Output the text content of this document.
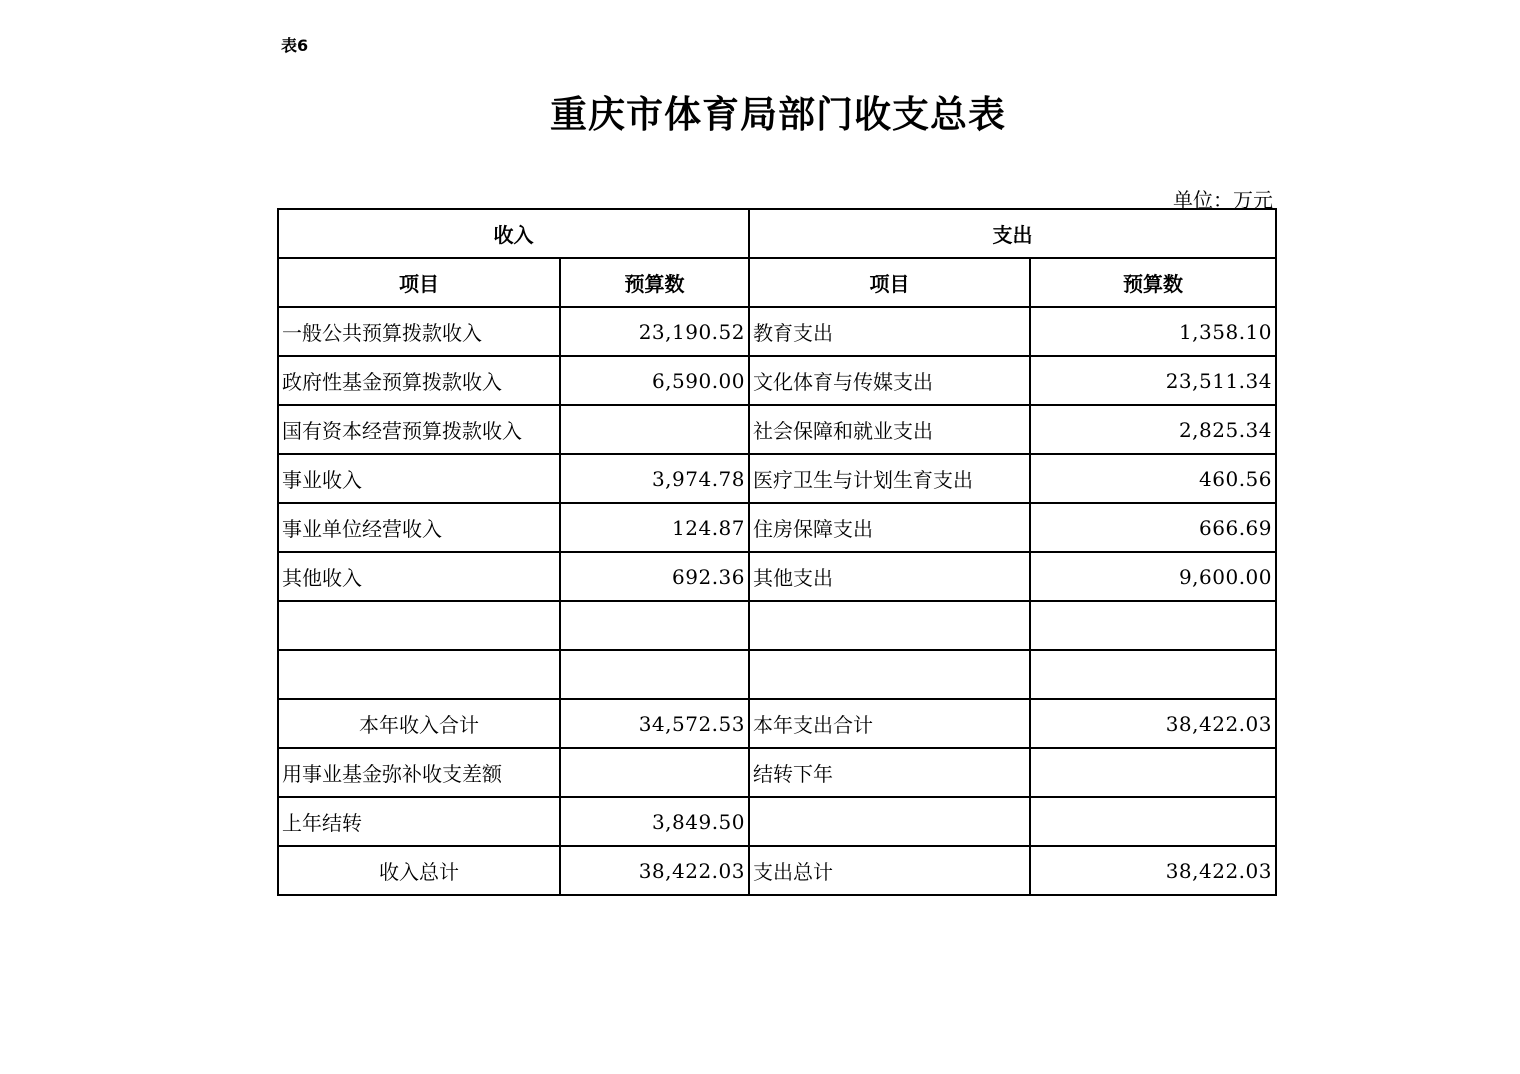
表6
重庆市体育局部门收支总表
单位：万元
收入		支出	
项目	预算数	项目	预算数
一般公共预算拨款收入	23,190.52	教育支出	1,358.10
政府性基金预算拨款收入	6,590.00	文化体育与传媒支出	23,511.34
国有资本经营预算拨款收入		社会保障和就业支出	2,825.34
事业收入	3,974.78	医疗卫生与计划生育支出	460.56
事业单位经营收入	124.87	住房保障支出	666.69
其他收入	692.36	其他支出	9,600.00

本年收入合计	34,572.53	本年支出合计	38,422.03
用事业基金弥补收支差额		结转下年	
上年结转	3,849.50		
收入总计	38,422.03	支出总计	38,422.03
